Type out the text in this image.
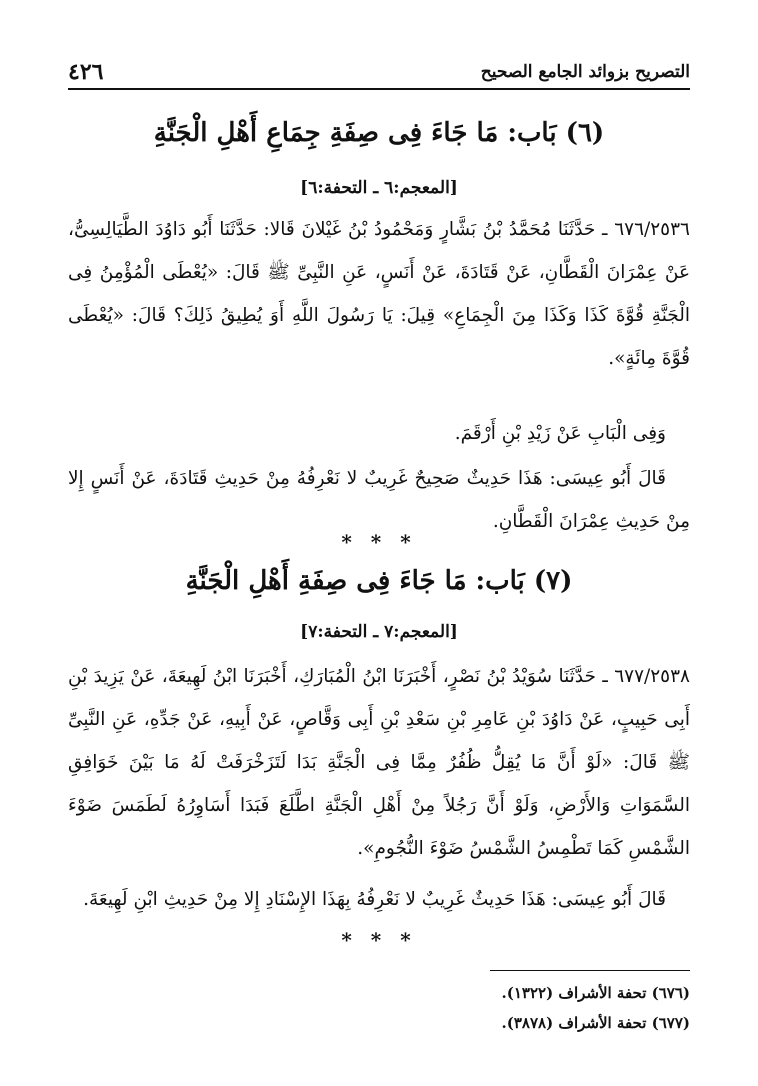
التصريح بزوائد الجامع الصحيح
٤٢٦
(٦) بَاب: مَا جَاءَ فِى صِفَةِ جِمَاعِ أَهْلِ الْجَنَّةِ
[المعجم:٦ ـ التحفة:٦]

٦٧٦/٢٥٣٦ ـ حَدَّثَنَا مُحَمَّدُ بْنُ بَشَّارٍ وَمَحْمُودُ بْنُ غَيْلانَ قَالا: حَدَّثَنَا أَبُو دَاوُدَ الطَّيَالِسِىُّ، عَنْ عِمْرَانَ الْقَطَّانِ، عَنْ قَتَادَةَ، عَنْ أَنَسٍ، عَنِ النَّبِىِّ ﷺ قَالَ: «يُعْطَى الْمُؤْمِنُ فِى الْجَنَّةِ قُوَّةَ كَذَا وَكَذَا مِنَ الْجِمَاعِ» قِيلَ: يَا رَسُولَ اللَّهِ أَوَ يُطِيقُ ذَلِكَ؟ قَالَ: «يُعْطَى قُوَّةَ مِائَةٍ».

وَفِى الْبَابِ عَنْ زَيْدِ بْنِ أَرْقَمَ.

قَالَ أَبُو عِيسَى: هَذَا حَدِيثٌ صَحِيحٌ غَرِيبٌ لا نَعْرِفُهُ مِنْ حَدِيثِ قَتَادَةَ، عَنْ أَنَسٍ إِلا مِنْ حَدِيثِ عِمْرَانَ الْقَطَّانِ.

* * *
(٧) بَاب: مَا جَاءَ فِى صِفَةِ أَهْلِ الْجَنَّةِ
[المعجم:٧ ـ التحفة:٧]

٦٧٧/٢٥٣٨ ـ حَدَّثَنَا سُوَيْدُ بْنُ نَصْرٍ، أَخْبَرَنَا ابْنُ الْمُبَارَكِ، أَخْبَرَنَا ابْنُ لَهِيعَةَ، عَنْ يَزِيدَ بْنِ أَبِى حَبِيبٍ، عَنْ دَاوُدَ بْنِ عَامِرِ بْنِ سَعْدِ بْنِ أَبِى وَقَّاصٍ، عَنْ أَبِيهِ، عَنْ جَدِّهِ، عَنِ النَّبِىِّ ﷺ قَالَ: «لَوْ أَنَّ مَا يُقِلُّ ظُفُرٌ مِمَّا فِى الْجَنَّةِ بَدَا لَتَزَخْرَفَتْ لَهُ مَا بَيْنَ خَوَافِقِ السَّمَوَاتِ وَالأَرْضِ، وَلَوْ أَنَّ رَجُلاً مِنْ أَهْلِ الْجَنَّةِ اطَّلَعَ فَبَدَا أَسَاوِرُهُ لَطَمَسَ ضَوْءَ الشَّمْسِ كَمَا تَطْمِسُ الشَّمْسُ ضَوْءَ النُّجُومِ».

قَالَ أَبُو عِيسَى: هَذَا حَدِيثٌ غَرِيبٌ لا نَعْرِفُهُ بِهَذَا الإِسْنَادِ إِلا مِنْ حَدِيثِ ابْنِ لَهِيعَةَ.

* * *
(٦٧٦) تحفة الأشراف (١٣٢٢).
(٦٧٧) تحفة الأشراف (٣٨٧٨).
